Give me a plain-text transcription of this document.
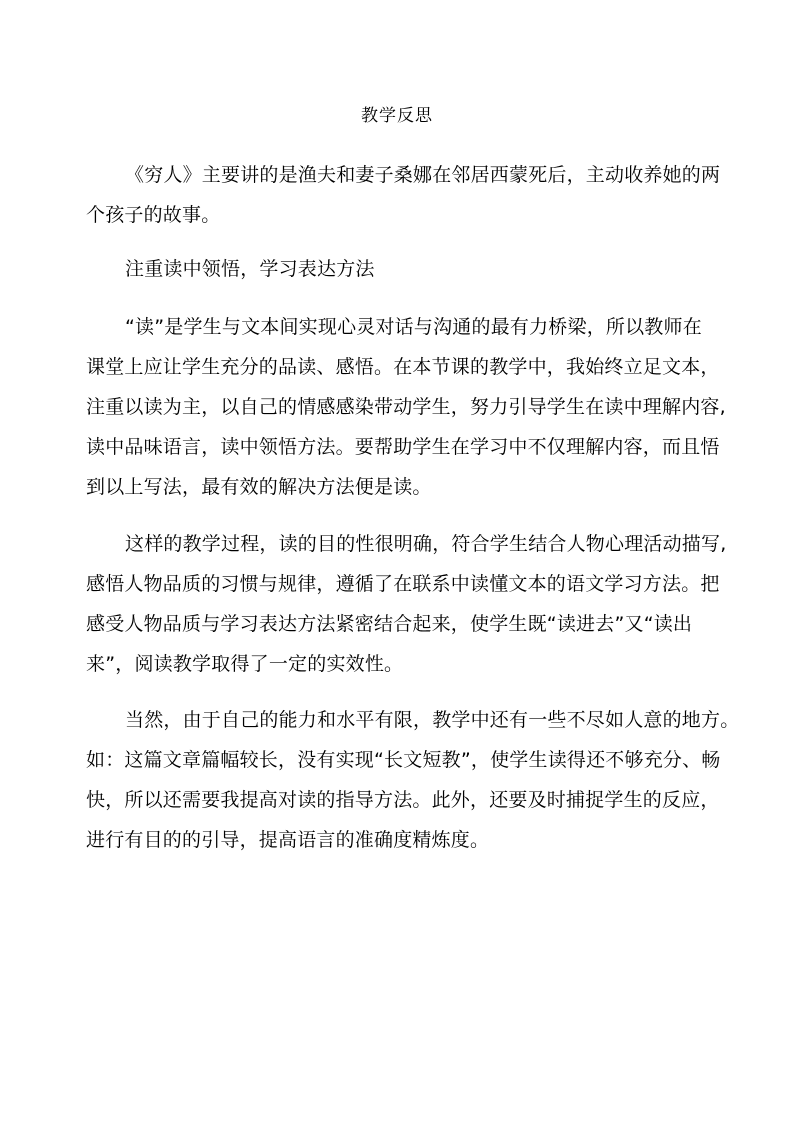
教学反思

《穷人》主要讲的是渔夫和妻子桑娜在邻居西蒙死后，主动收养她的两
个孩子的故事。

注重读中领悟，学习表达方法

“读”是学生与文本间实现心灵对话与沟通的最有力桥梁，所以教师在
课堂上应让学生充分的品读、感悟。在本节课的教学中，我始终立足文本，
注重以读为主，以自己的情感感染带动学生，努力引导学生在读中理解内容,
读中品味语言，读中领悟方法。要帮助学生在学习中不仅理解内容，而且悟
到以上写法，最有效的解决方法便是读。

这样的教学过程，读的目的性很明确，符合学生结合人物心理活动描写,
感悟人物品质的习惯与规律，遵循了在联系中读懂文本的语文学习方法。把
感受人物品质与学习表达方法紧密结合起来，使学生既“读进去”又“读出
来”，阅读教学取得了一定的实效性。

当然，由于自己的能力和水平有限，教学中还有一些不尽如人意的地方。
如：这篇文章篇幅较长，没有实现“长文短教”，使学生读得还不够充分、畅
快，所以还需要我提高对读的指导方法。此外，还要及时捕捉学生的反应，
进行有目的的引导，提高语言的准确度精炼度。
